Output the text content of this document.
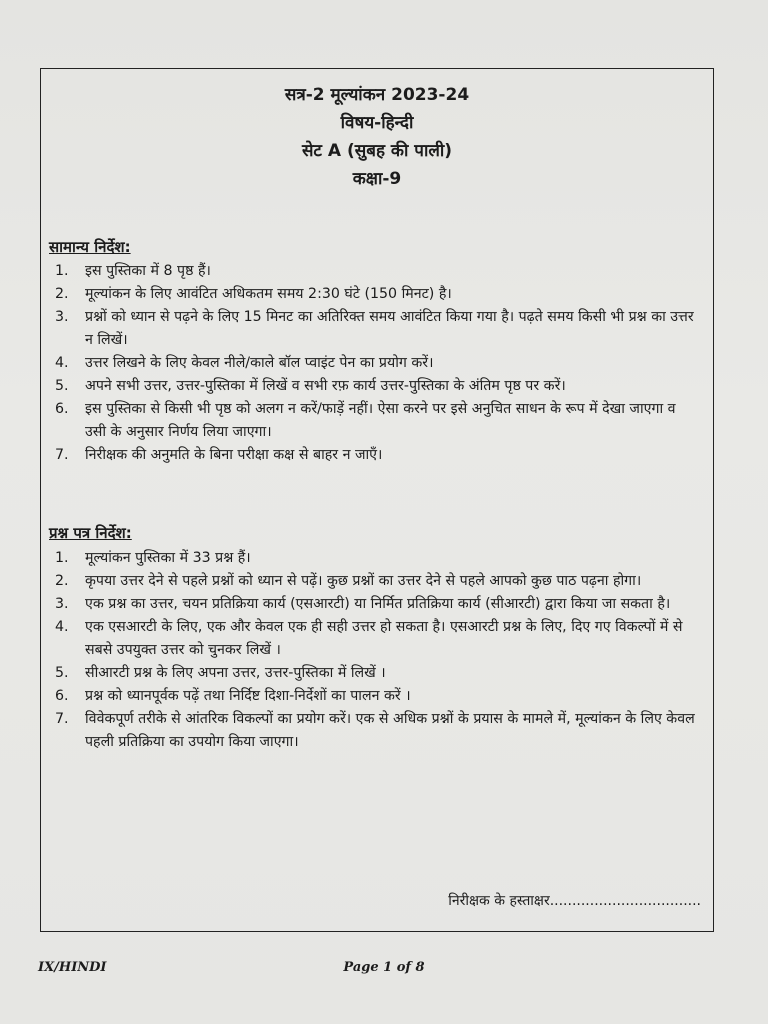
सत्र-2 मूल्यांकन 2023-24
विषय-हिन्दी
सेट A (सुबह की पाली)
कक्षा-9
सामान्य निर्देश:
1.	इस पुस्तिका में 8 पृष्ठ हैं।
2.	मूल्यांकन के लिए आवंटित अधिकतम समय 2:30 घंटे (150 मिनट) है।
3.	प्रश्नों को ध्यान से पढ़ने के लिए 15 मिनट का अतिरिक्त समय आवंटित किया गया है। पढ़ते समय किसी भी प्रश्न का उत्तर न लिखें।
4.	उत्तर लिखने के लिए केवल नीले/काले बॉल प्वाइंट पेन का प्रयोग करें।
5.	अपने सभी उत्तर, उत्तर-पुस्तिका में लिखें व सभी रफ़ कार्य उत्तर-पुस्तिका के अंतिम पृष्ठ पर करें।
6.	इस पुस्तिका से किसी भी पृष्ठ को अलग न करें/फाड़ें नहीं। ऐसा करने पर इसे अनुचित साधन के रूप में देखा जाएगा व उसी के अनुसार निर्णय लिया जाएगा।
7.	निरीक्षक की अनुमति के बिना परीक्षा कक्ष से बाहर न जाएँ।
प्रश्न पत्र निर्देश:
1.	मूल्यांकन पुस्तिका में 33 प्रश्न हैं।
2.	कृपया उत्तर देने से पहले प्रश्नों को ध्यान से पढ़ें। कुछ प्रश्नों का उत्तर देने से पहले आपको कुछ पाठ पढ़ना होगा।
3.	एक प्रश्न का उत्तर, चयन प्रतिक्रिया कार्य (एसआरटी) या निर्मित प्रतिक्रिया कार्य (सीआरटी) द्वारा किया जा सकता है।
4.	एक एसआरटी के लिए, एक और केवल एक ही सही उत्तर हो सकता है। एसआरटी प्रश्न के लिए, दिए गए विकल्पों में से सबसे उपयुक्त उत्तर को चुनकर लिखें ।
5.	सीआरटी प्रश्न के लिए अपना उत्तर, उत्तर-पुस्तिका में लिखें ।
6.	प्रश्न को ध्यानपूर्वक पढ़ें तथा निर्दिष्ट दिशा-निर्देशों का पालन करें ।
7.	विवेकपूर्ण तरीके से आंतरिक विकल्पों का प्रयोग करें। एक से अधिक प्रश्नों के प्रयास के मामले में, मूल्यांकन के लिए केवल पहली प्रतिक्रिया का उपयोग किया जाएगा।
निरीक्षक के हस्ताक्षर..................................
IX/HINDI	Page 1 of 8
